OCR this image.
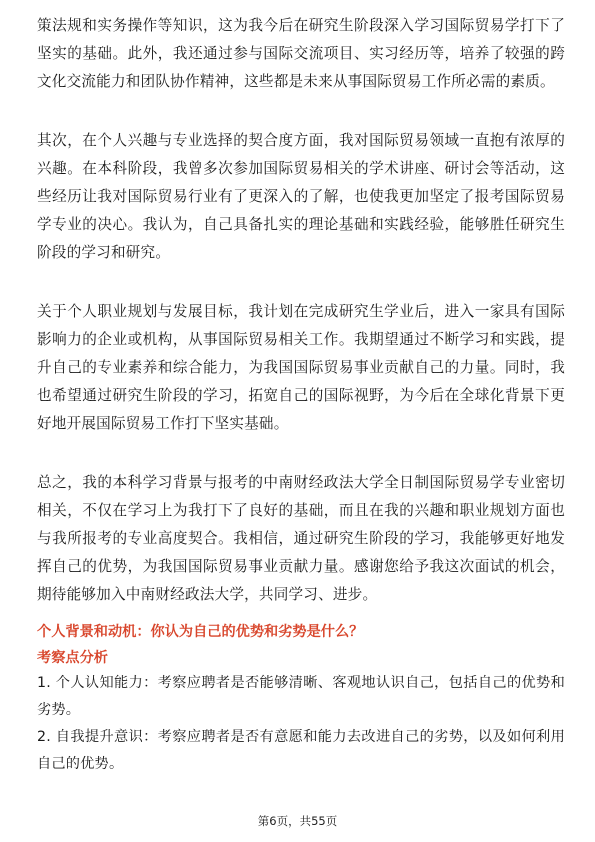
策法规和实务操作等知识，这为我今后在研究生阶段深入学习国际贸易学打下了坚实的基础。此外，我还通过参与国际交流项目、实习经历等，培养了较强的跨文化交流能力和团队协作精神，这些都是未来从事国际贸易工作所必需的素质。

其次，在个人兴趣与专业选择的契合度方面，我对国际贸易领域一直抱有浓厚的兴趣。在本科阶段，我曾多次参加国际贸易相关的学术讲座、研讨会等活动，这些经历让我对国际贸易行业有了更深入的了解，也使我更加坚定了报考国际贸易学专业的决心。我认为，自己具备扎实的理论基础和实践经验，能够胜任研究生阶段的学习和研究。

关于个人职业规划与发展目标，我计划在完成研究生学业后，进入一家具有国际影响力的企业或机构，从事国际贸易相关工作。我期望通过不断学习和实践，提升自己的专业素养和综合能力，为我国国际贸易事业贡献自己的力量。同时，我也希望通过研究生阶段的学习，拓宽自己的国际视野，为今后在全球化背景下更好地开展国际贸易工作打下坚实基础。

总之，我的本科学习背景与报考的中南财经政法大学全日制国际贸易学专业密切相关，不仅在学习上为我打下了良好的基础，而且在我的兴趣和职业规划方面也与我所报考的专业高度契合。我相信，通过研究生阶段的学习，我能够更好地发挥自己的优势，为我国国际贸易事业贡献力量。感谢您给予我这次面试的机会，期待能够加入中南财经政法大学，共同学习、进步。

个人背景和动机：你认为自己的优势和劣势是什么？

考察点分析

1. 个人认知能力：考察应聘者是否能够清晰、客观地认识自己，包括自己的优势和劣势。

2. 自我提升意识：考察应聘者是否有意愿和能力去改进自己的劣势，以及如何利用自己的优势。

第6页，共55页
